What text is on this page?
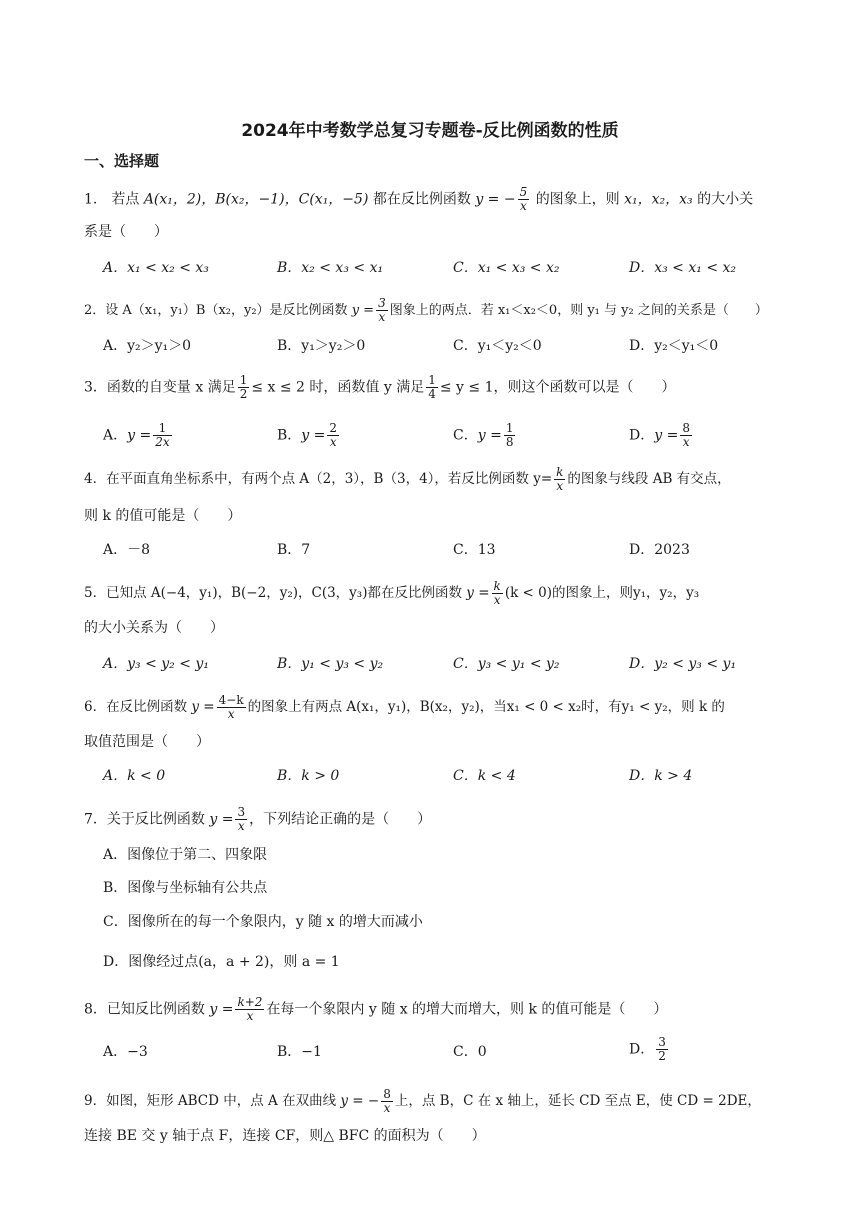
2024年中考数学总复习专题卷-反比例函数的性质
一、选择题
1.　若点 A(x₁，2)，B(x₂，−1)，C(x₁，−5) 都在反比例函数 y = − $\frac{5}{x}$ 的图象上，则 x₁，x₂，x₃ 的大小关
系是（　　）
A．x₁ < x₂ < x₃	B．x₂ < x₃ < x₁	C．x₁ < x₃ < x₂	D．x₃ < x₁ < x₂
2．设 A（x₁，y₁）B（x₂，y₂）是反比例函数 $y = \frac{3}{x}$ 图象上的两点．若 x₁＜x₂＜0，则 y₁ 与 y₂ 之间的关系是（　　）
A．y₂＞y₁＞0	B．y₁＞y₂＞0	C．y₁＜y₂＜0	D．y₂＜y₁＜0
3．函数的自变量 x 满足 $\frac{1}{2} \le x \le 2$ 时，函数值 y 满足 $\frac{1}{4} \le y \le 1$，则这个函数可以是（　　）
A．$y = \frac{1}{2x}$	B．$y = \frac{2}{x}$	C．$y = \frac{1}{8}$	D．$y = \frac{8}{x}$
4．在平面直角坐标系中，有两个点 A（2，3），B（3，4），若反比例函数 $y= \frac{k}{x}$ 的图象与线段 AB 有交点，
则 k 的值可能是（　　）
A．－8	B．7	C．13	D．2023
5．已知点 A(−4，y₁)，B(−2，y₂)，C(3，y₃)都在反比例函数 $y = \frac{k}{x} (k < 0)$的图象上，则y₁，y₂，y₃
的大小关系为（　　）
A．y₃ < y₂ < y₁	B．y₁ < y₃ < y₂	C．y₃ < y₁ < y₂	D．y₂ < y₃ < y₁
6．在反比例函数 $y = \frac{4-k}{x}$ 的图象上有两点 A(x₁，y₁)，B(x₂，y₂)，当x₁ < 0 < x₂时，有y₁ < y₂，则 k 的
取值范围是（　　）
A．k < 0	B．k > 0	C．k < 4	D．k > 4
7．关于反比例函数 $y = \frac{3}{x}$ ，下列结论正确的是（　　）
A．图像位于第二、四象限
B．图像与坐标轴有公共点
C．图像所在的每一个象限内，y 随 x 的增大而减小
D．图像经过点(a，a + 2)，则 a = 1
8．已知反比例函数 $y = \frac{k+2}{x}$ 在每一个象限内 y 随 x 的增大而增大，则 k 的值可能是（　　）
A．−3	B．−1	C．0	D． $\frac{3}{2}$
9．如图，矩形 ABCD 中，点 A 在双曲线 y = − $\frac{8}{x}$ 上，点 B，C 在 x 轴上，延长 CD 至点 E，使 CD = 2DE，
连接 BE 交 y 轴于点 F，连接 CF，则△ BFC 的面积为（　　）
